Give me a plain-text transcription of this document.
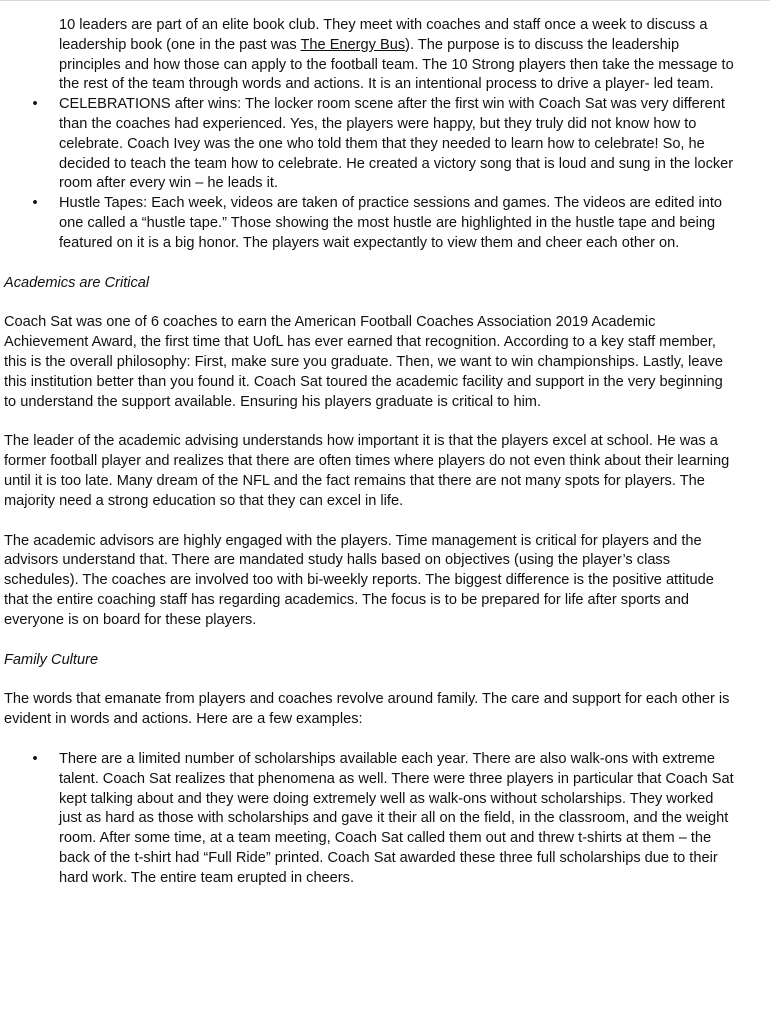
10 leaders are part of an elite book club. They meet with coaches and staff once a week to discuss a leadership book (one in the past was The Energy Bus). The purpose is to discuss the leadership principles and how those can apply to the football team. The 10 Strong players then take the message to the rest of the team through words and actions. It is an intentional process to drive a player- led team.

• CELEBRATIONS after wins: The locker room scene after the first win with Coach Sat was very different than the coaches had experienced. Yes, the players were happy, but they truly did not know how to celebrate. Coach Ivey was the one who told them that they needed to learn how to celebrate! So, he decided to teach the team how to celebrate. He created a victory song that is loud and sung in the locker room after every win – he leads it.
• Hustle Tapes: Each week, videos are taken of practice sessions and games. The videos are edited into one called a “hustle tape.” Those showing the most hustle are highlighted in the hustle tape and being featured on it is a big honor. The players wait expectantly to view them and cheer each other on.

Academics are Critical

Coach Sat was one of 6 coaches to earn the American Football Coaches Association 2019 Academic Achievement Award, the first time that UofL has ever earned that recognition. According to a key staff member, this is the overall philosophy: First, make sure you graduate. Then, we want to win championships. Lastly, leave this institution better than you found it. Coach Sat toured the academic facility and support in the very beginning to understand the support available. Ensuring his players graduate is critical to him.

The leader of the academic advising understands how important it is that the players excel at school. He was a former football player and realizes that there are often times where players do not even think about their learning until it is too late. Many dream of the NFL and the fact remains that there are not many spots for players. The majority need a strong education so that they can excel in life.

The academic advisors are highly engaged with the players. Time management is critical for players and the advisors understand that. There are mandated study halls based on objectives (using the player’s class schedules). The coaches are involved too with bi-weekly reports. The biggest difference is the positive attitude that the entire coaching staff has regarding academics. The focus is to be prepared for life after sports and everyone is on board for these players.

Family Culture

The words that emanate from players and coaches revolve around family. The care and support for each other is evident in words and actions. Here are a few examples:

• There are a limited number of scholarships available each year. There are also walk-ons with extreme talent. Coach Sat realizes that phenomena as well. There were three players in particular that Coach Sat kept talking about and they were doing extremely well as walk-ons without scholarships. They worked just as hard as those with scholarships and gave it their all on the field, in the classroom, and the weight room. After some time, at a team meeting, Coach Sat called them out and threw t-shirts at them – the back of the t-shirt had “Full Ride” printed. Coach Sat awarded these three full scholarships due to their hard work. The entire team erupted in cheers.
